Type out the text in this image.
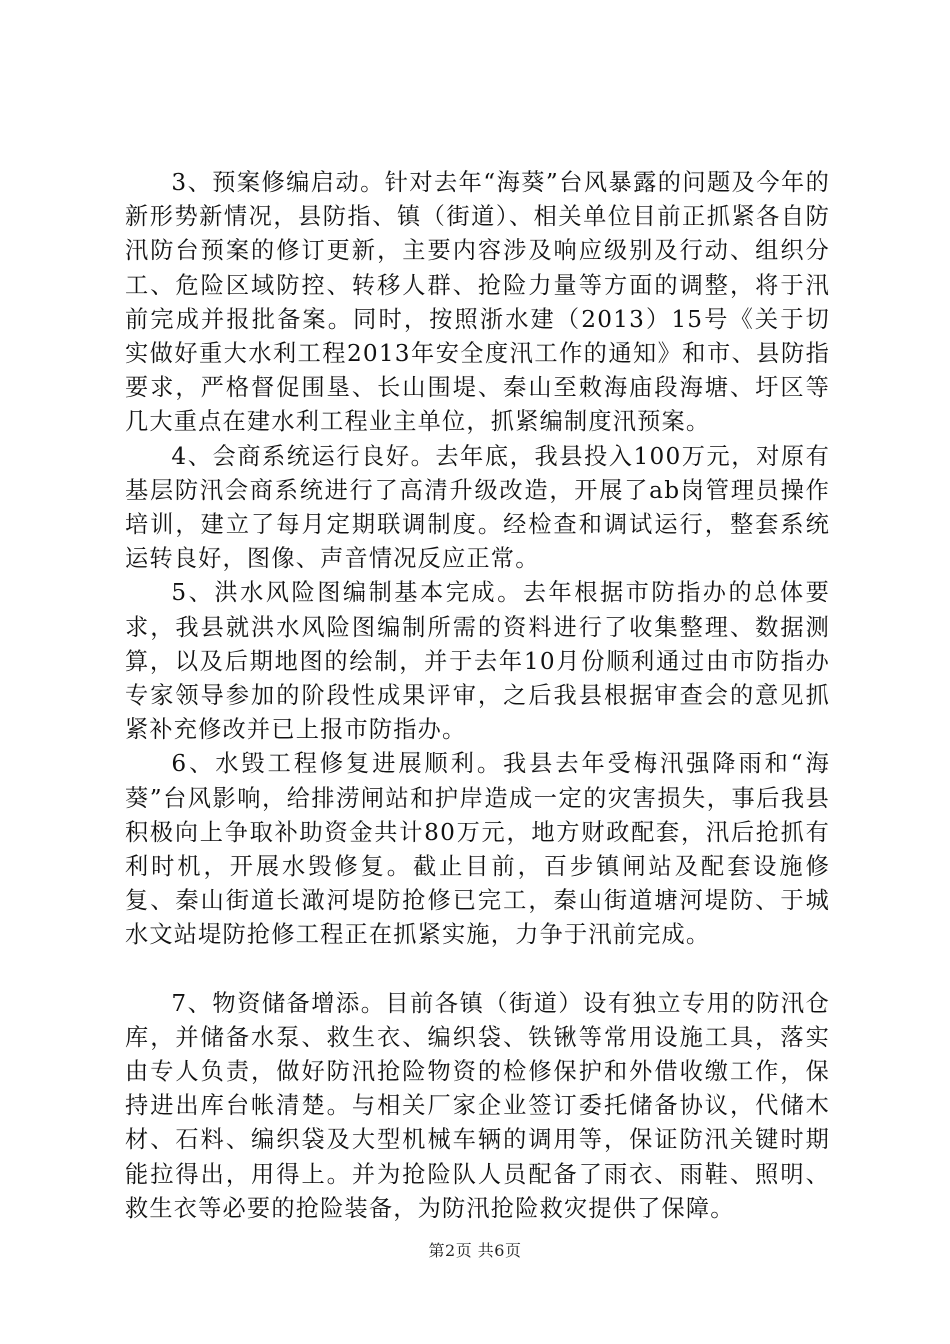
3、预案修编启动。针对去年“海葵”台风暴露的问题及今年的新形势新情况，县防指、镇（街道）、相关单位目前正抓紧各自防汛防台预案的修订更新，主要内容涉及响应级别及行动、组织分工、危险区域防控、转移人群、抢险力量等方面的调整，将于汛前完成并报批备案。同时，按照浙水建（2013）15号《关于切实做好重大水利工程2013年安全度汛工作的通知》和市、县防指要求，严格督促围垦、长山围堤、秦山至敕海庙段海塘、圩区等几大重点在建水利工程业主单位，抓紧编制度汛预案。

4、会商系统运行良好。去年底，我县投入100万元，对原有基层防汛会商系统进行了高清升级改造，开展了ab岗管理员操作培训，建立了每月定期联调制度。经检查和调试运行，整套系统运转良好，图像、声音情况反应正常。

5、洪水风险图编制基本完成。去年根据市防指办的总体要求，我县就洪水风险图编制所需的资料进行了收集整理、数据测算，以及后期地图的绘制，并于去年10月份顺利通过由市防指办专家领导参加的阶段性成果评审，之后我县根据审查会的意见抓紧补充修改并已上报市防指办。

6、水毁工程修复进展顺利。我县去年受梅汛强降雨和“海葵”台风影响，给排涝闸站和护岸造成一定的灾害损失，事后我县积极向上争取补助资金共计80万元，地方财政配套，汛后抢抓有利时机，开展水毁修复。截止目前，百步镇闸站及配套设施修复、秦山街道长澉河堤防抢修已完工，秦山街道塘河堤防、于城水文站堤防抢修工程正在抓紧实施，力争于汛前完成。

7、物资储备增添。目前各镇（街道）设有独立专用的防汛仓库，并储备水泵、救生衣、编织袋、铁锹等常用设施工具，落实由专人负责，做好防汛抢险物资的检修保护和外借收缴工作，保持进出库台帐清楚。与相关厂家企业签订委托储备协议，代储木材、石料、编织袋及大型机械车辆的调用等，保证防汛关键时期能拉得出，用得上。并为抢险队人员配备了雨衣、雨鞋、照明、救生衣等必要的抢险装备，为防汛抢险救灾提供了保障。

第2页 共6页
